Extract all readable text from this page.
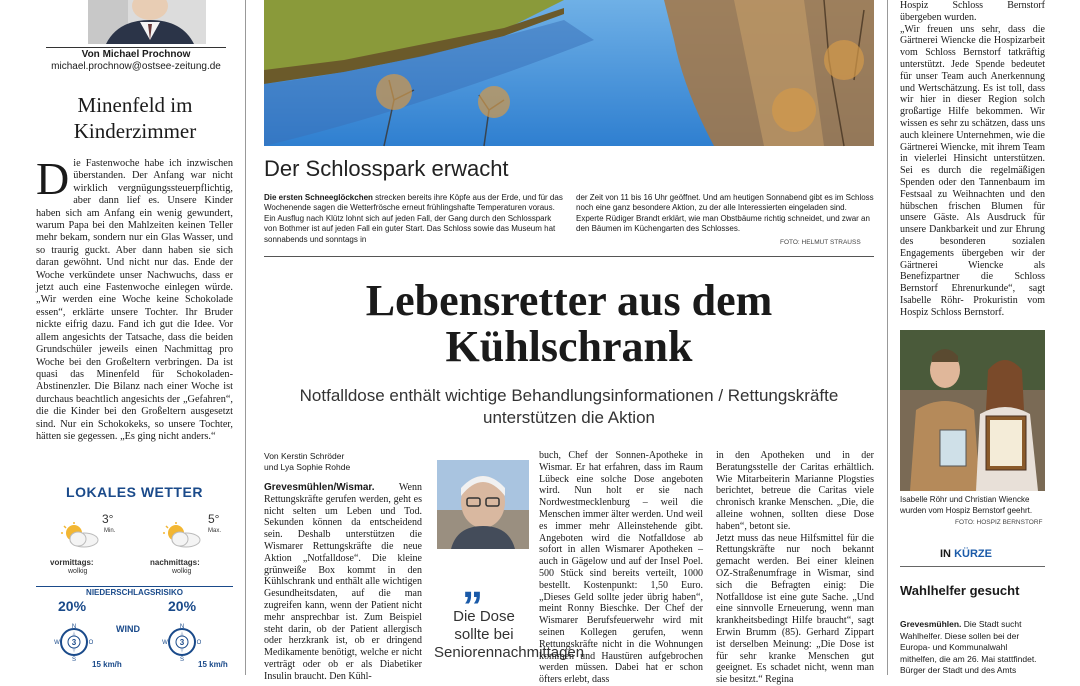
Von Michael Prochnow
michael.prochnow@ostsee-zeitung.de
Minenfeld im Kinderzimmer
Die Fastenwoche habe ich inzwischen überstanden. Der Anfang war nicht wirklich vergnügungssteuerpflichtig, aber dann lief es. Unsere Kinder haben sich am Anfang ein wenig gewundert, warum Papa bei den Mahlzeiten keinen Teller mehr bekam, sondern nur ein Glas Wasser, und so traurig guckt. Aber dann haben sie sich daran gewöhnt. Und nicht nur das. Ende der Woche verkündete unser Nachwuchs, dass er jetzt auch eine Fastenwoche einlegen würde. „Wir werden eine Woche keine Schokolade essen“, erklärte unsere Tochter. Ihr Bruder nickte eifrig dazu. Fand ich gut die Idee. Vor allem angesichts der Tatsache, dass die beiden Grundschüler jeweils einen Nachmittag pro Woche bei den Großeltern verbringen. Da ist quasi das Minenfeld für Schokoladen-Abstinenzler. Die Bilanz nach einer Woche ist durchaus beachtlich angesichts der „Gefahren“, die die Kinder bei den Großeltern ausgesetzt sind. Nur ein Schokokeks, so unsere Tochter, hätten sie gegessen. „Es ging nicht anders.“
LOKALES WETTER
3°
Min.
vormittags:
wolkig
5°
Max.
nachmittags:
wolkig
NIEDERSCHLAGSRISIKO
20%	20%
WIND
3
N
W	O
S
3
N
W	O
S
15 km/h	15 km/h
Der Schlosspark erwacht
Die ersten Schneeglöckchen strecken bereits ihre Köpfe aus der Erde, und für das Wochenende sagen die Wetterfrösche erneut frühlingshafte Temperaturen voraus. Ein Ausflug nach Klütz lohnt sich auf jeden Fall, der Gang durch den Schlosspark von Bothmer ist auf jeden Fall ein guter Start. Das Schloss sowie das Museum hat sonnabends und sonntags in
der Zeit von 11 bis 16 Uhr geöffnet. Und am heutigen Sonnabend gibt es im Schloss noch eine ganz besondere Aktion, zu der alle Interessierten eingeladen sind. Experte Rüdiger Brandt erklärt, wie man Obstbäume richtig schneidet, und zwar an den Bäumen im Küchengarten des Schlosses.
FOTO: HELMUT STRAUSS
Lebensretter aus dem Kühlschrank
Notfalldose enthält wichtige Behandlungsinformationen / Rettungskräfte unterstützen die Aktion
Von Kerstin Schröder
und Lya Sophie Rohde
Grevesmühlen/Wismar. Wenn Rettungskräfte gerufen werden, geht es nicht selten um Leben und Tod. Sekunden können da entscheidend sein. Deshalb unterstützen die Wismarer Rettungskräfte die neue Aktion „Notfalldose“. Die kleine grünweiße Box kommt in den Kühlschrank und enthält alle wichtigen Gesundheitsdaten, auf die man zugreifen kann, wenn der Patient nicht mehr ansprechbar ist. Zum Beispiel steht darin, ob der Patient allergisch oder herzkrank ist, ob er dringend Medikamente benötigt, welche er nicht verträgt oder ob er als Diabetiker Insulin braucht. Den Kühl-
„
Die Dose sollte bei Seniorennachmittagen
buch, Chef der Sonnen-Apotheke in Wismar. Er hat erfahren, dass im Raum Lübeck eine solche Dose angeboten wird. Nun holt er sie nach Nordwestmecklenburg – weil die Menschen immer älter werden. Und weil es immer mehr Alleinstehende gibt. Angeboten wird die Notfalldose ab sofort in allen Wismarer Apotheken – auch in Gägelow und auf der Insel Poel. 500 Stück sind bereits verteilt, 1000 bestellt. Kostenpunkt: 1,50 Euro. „Dieses Geld sollte jeder übrig haben“, meint Ronny Bieschke. Der Chef der Wismarer Berufsfeuerwehr wird mit seinen Kollegen gerufen, wenn Rettungskräfte nicht in die Wohnungen kommen und Haustüren aufgebrochen werden müssen. Dabei hat er schon öfters erlebt, dass
in den Apotheken und in der Beratungsstelle der Caritas erhältlich. Wie Mitarbeiterin Marianne Plogsties berichtet, betreue die Caritas viele chronisch kranke Menschen. „Die, die alleine wohnen, sollten diese Dose haben“, betont sie.
Jetzt muss das neue Hilfsmittel für die Rettungskräfte nur noch bekannt gemacht werden. Bei einer kleinen OZ-Straßenumfrage in Wismar, sind sich die Befragten einig: Die Notfalldose ist eine gute Sache. „Und eine sinnvolle Erneuerung, wenn man krankheitsbedingt Hilfe braucht“, sagt Erwin Brumm (85). Gerhard Zippart ist derselben Meinung: „Die Dose ist für sehr kranke Menschen gut geeignet. Es schadet nicht, wenn man sie besitzt.“ Regina
Hospiz Schloss Bernstorf übergeben wurden.
„Wir freuen uns sehr, dass die Gärtnerei Wiencke die Hospizarbeit vom Schloss Bernstorf tatkräftig unterstützt. Jede Spende bedeutet für unser Team auch Anerkennung und Wertschätzung. Es ist toll, dass wir hier in dieser Region solch großartige Hilfe bekommen. Wir wissen es sehr zu schätzen, dass uns auch kleinere Unternehmen, wie die Gärtnerei Wiencke, mit ihrem Team in vielerlei Hinsicht unterstützen. Sei es durch die regelmäßigen Spenden oder den Tannenbaum im Festsaal zu Weihnachten und den hübschen frischen Blumen für unsere Gäste. Als Ausdruck für unsere Dankbarkeit und zur Ehrung des besonderen sozialen Engagements übergeben wir der Gärtnerei Wiencke als Benefizpartner die Schloss Bernstorf Ehrenurkunde“, sagt Isabelle Röhr- Prokuristin vom Hospiz Schloss Bernstorf.
Isabelle Röhr und Christian Wiencke wurden vom Hospiz Bernstorf geehrt.
FOTO: HOSPIZ BERNSTORF
IN KÜRZE
Wahlhelfer gesucht
Grevesmühlen. Die Stadt sucht Wahlhelfer. Diese sollen bei der Europa- und Kommunalwahl mithelfen, die am 26. Mai stattfindet. Bürger der Stadt und des Amts
